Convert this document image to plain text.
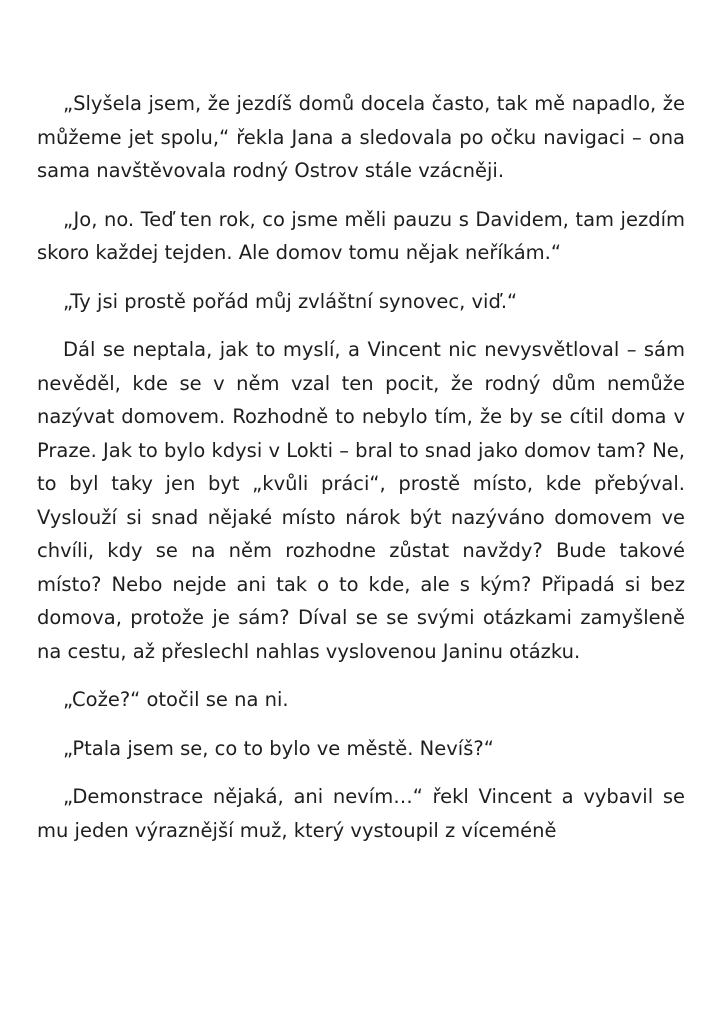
„Slyšela jsem, že jezdíš domů docela často, tak mě napadlo, že můžeme jet spolu,“ řekla Jana a sledovala po očku navigaci – ona sama navštěvovala rodný Ostrov stále vzácněji.

„Jo, no. Teď ten rok, co jsme měli pauzu s Davidem, tam jezdím skoro každej tejden. Ale domov tomu nějak neříkám.“

„Ty jsi prostě pořád můj zvláštní synovec, viď.“

Dál se neptala, jak to myslí, a Vincent nic nevysvětloval – sám nevěděl, kde se v něm vzal ten pocit, že rodný dům nemůže nazývat domovem. Rozhodně to nebylo tím, že by se cítil doma v Praze. Jak to bylo kdysi v Lokti – bral to snad jako domov tam? Ne, to byl taky jen byt „kvůli práci“, prostě místo, kde přebýval. Vyslouží si snad nějaké místo nárok být nazýváno domovem ve chvíli, kdy se na něm rozhodne zůstat navždy? Bude takové místo? Nebo nejde ani tak o to kde, ale s kým? Připadá si bez domova, protože je sám? Díval se se svými otázkami zamyšleně na cestu, až přeslechl nahlas vyslovenou Janinu otázku.

„Cože?“ otočil se na ni.

„Ptala jsem se, co to bylo ve městě. Nevíš?“

„Demonstrace nějaká, ani nevím…“ řekl Vincent a vybavil se mu jeden výraznější muž, který vystoupil z víceméně
